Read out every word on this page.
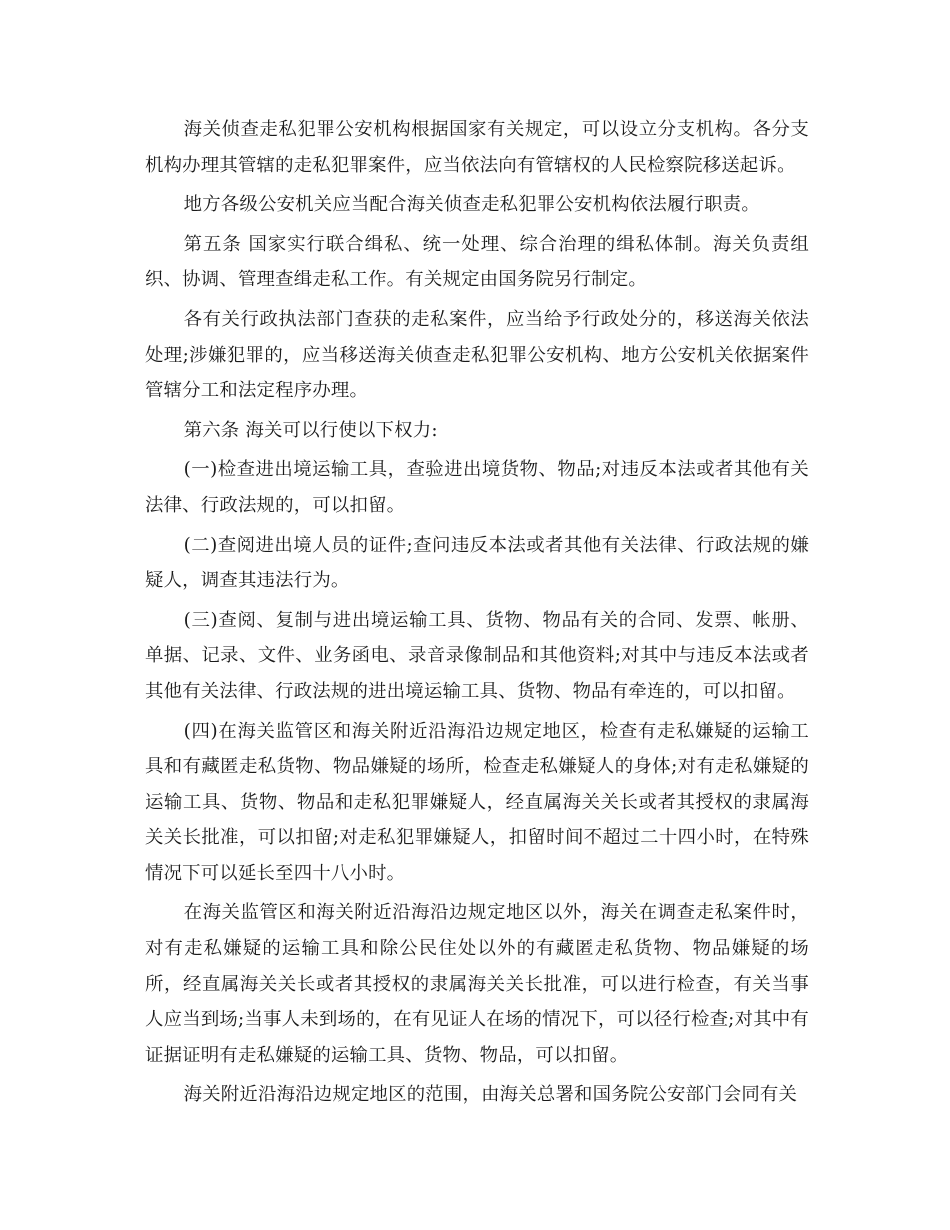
海关侦查走私犯罪公安机构根据国家有关规定，可以设立分支机构。各分支机构办理其管辖的走私犯罪案件，应当依法向有管辖权的人民检察院移送起诉。

地方各级公安机关应当配合海关侦查走私犯罪公安机构依法履行职责。

第五条 国家实行联合缉私、统一处理、综合治理的缉私体制。海关负责组织、协调、管理查缉走私工作。有关规定由国务院另行制定。

各有关行政执法部门查获的走私案件，应当给予行政处分的，移送海关依法处理;涉嫌犯罪的，应当移送海关侦查走私犯罪公安机构、地方公安机关依据案件管辖分工和法定程序办理。

第六条 海关可以行使以下权力:

(一)检查进出境运输工具，查验进出境货物、物品;对违反本法或者其他有关法律、行政法规的，可以扣留。

(二)查阅进出境人员的证件;查问违反本法或者其他有关法律、行政法规的嫌疑人，调查其违法行为。

(三)查阅、复制与进出境运输工具、货物、物品有关的合同、发票、帐册、单据、记录、文件、业务函电、录音录像制品和其他资料;对其中与违反本法或者其他有关法律、行政法规的进出境运输工具、货物、物品有牵连的，可以扣留。

(四)在海关监管区和海关附近沿海沿边规定地区，检查有走私嫌疑的运输工具和有藏匿走私货物、物品嫌疑的场所，检查走私嫌疑人的身体;对有走私嫌疑的运输工具、货物、物品和走私犯罪嫌疑人，经直属海关关长或者其授权的隶属海关关长批准，可以扣留;对走私犯罪嫌疑人，扣留时间不超过二十四小时，在特殊情况下可以延长至四十八小时。

在海关监管区和海关附近沿海沿边规定地区以外，海关在调查走私案件时，对有走私嫌疑的运输工具和除公民住处以外的有藏匿走私货物、物品嫌疑的场所，经直属海关关长或者其授权的隶属海关关长批准，可以进行检查，有关当事人应当到场;当事人未到场的，在有见证人在场的情况下，可以径行检查;对其中有证据证明有走私嫌疑的运输工具、货物、物品，可以扣留。

海关附近沿海沿边规定地区的范围，由海关总署和国务院公安部门会同有关
